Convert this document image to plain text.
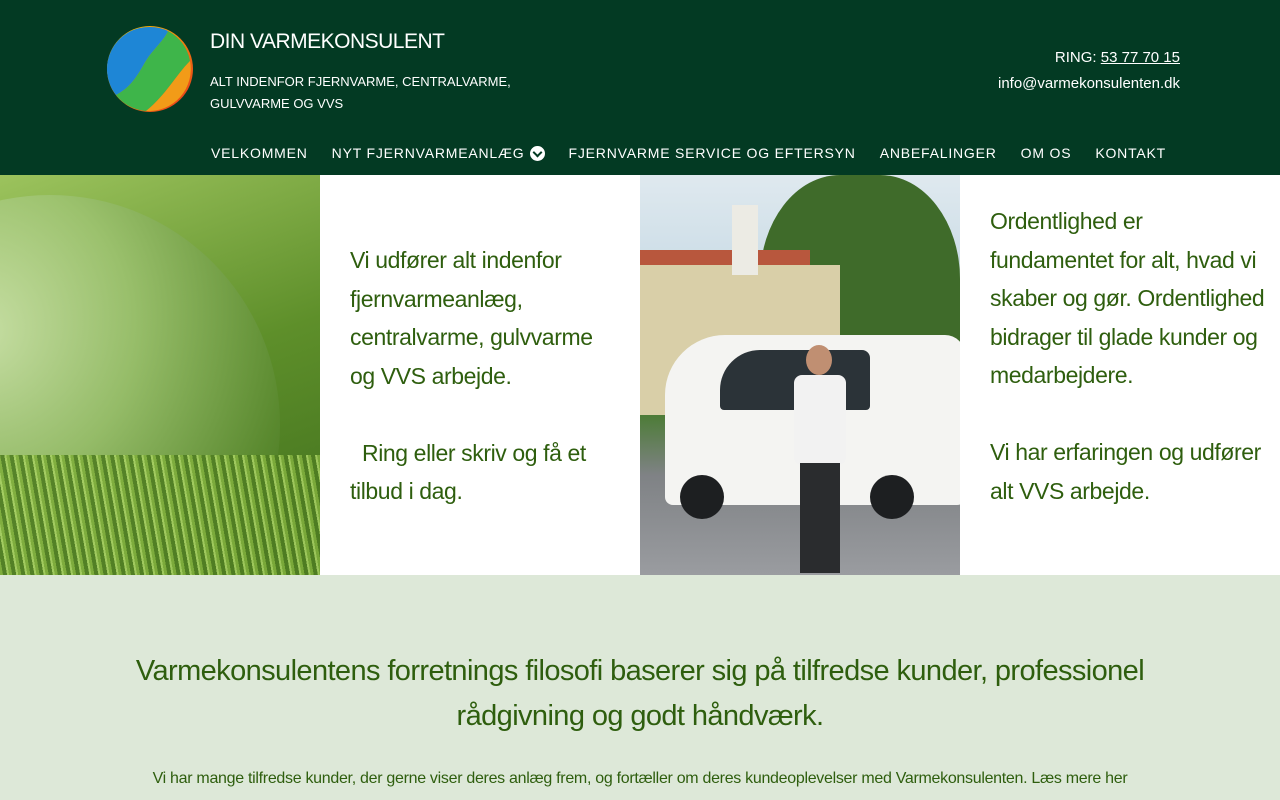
DIN VARMEKONSULENT
ALT INDENFOR FJERNVARME, CENTRALVARME, GULVVARME OG VVS
RING: 53 77 70 15
info@varmekonsulenten.dk
VELKOMMEN NYT FJERNVARMEANLÆG	FJERNVARME SERVICE OG EFTERSYN ANBEFALINGER OM OS KONTAKT

Vi udfører alt indenfor fjernvarmeanlæg, centralvarme, gulvvarme og VVS arbejde.

Ring eller skriv og få et tilbud i dag.

Ordentlighed er fundamentet for alt, hvad vi skaber og gør. Ordentlighed bidrager til glade kunder og medarbejdere.

Vi har erfaringen og udfører alt VVS arbejde.

Varmekonsulentens forretnings filosofi baserer sig på tilfredse kunder, professionel rådgivning og godt håndværk.
Vi har mange tilfredse kunder, der gerne viser deres anlæg frem, og fortæller om deres kundeoplevelser med Varmekonsulenten. Læs mere her
